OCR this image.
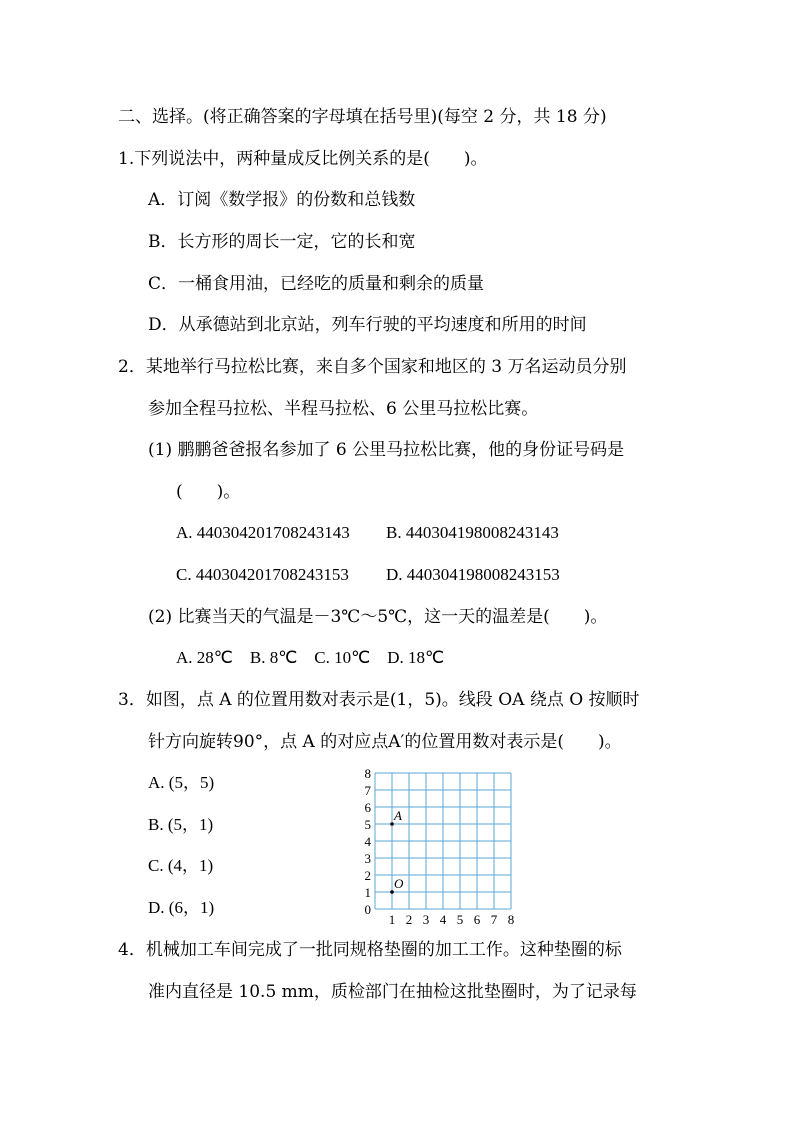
二、选择。(将正确答案的字母填在括号里)(每空 2 分，共 18 分)
1.下列说法中，两种量成反比例关系的是(　　)。
A．订阅《数学报》的份数和总钱数
B．长方形的周长一定，它的长和宽
C．一桶食用油，已经吃的质量和剩余的质量
D．从承德站到北京站，列车行驶的平均速度和所用的时间
2．某地举行马拉松比赛，来自多个国家和地区的 3 万名运动员分别
参加全程马拉松、半程马拉松、6 公里马拉松比赛。
(1) 鹏鹏爸爸报名参加了 6 公里马拉松比赛，他的身份证号码是
(　　)。
A. 440304201708243143 B. 440304198008243143
C. 440304201708243153 D. 440304198008243153
(2) 比赛当天的气温是－3℃～5℃，这一天的温差是(　　)。
A. 28℃　B. 8℃　C. 10℃　D. 18℃
3．如图，点 A 的位置用数对表示是(1，5)。线段 OA 绕点 O 按顺时
针方向旋转90°，点 A 的对应点A′的位置用数对表示是(　　)。
A. (5，5)
B. (5，1)
C. (4，1)
D. (6，1)
1 2 3 4 5 6 7 8
0
1
2
3
4
5
6
7
8
A
O
4．机械加工车间完成了一批同规格垫圈的加工工作。这种垫圈的标
准内直径是 10.5 mm，质检部门在抽检这批垫圈时，为了记录每
